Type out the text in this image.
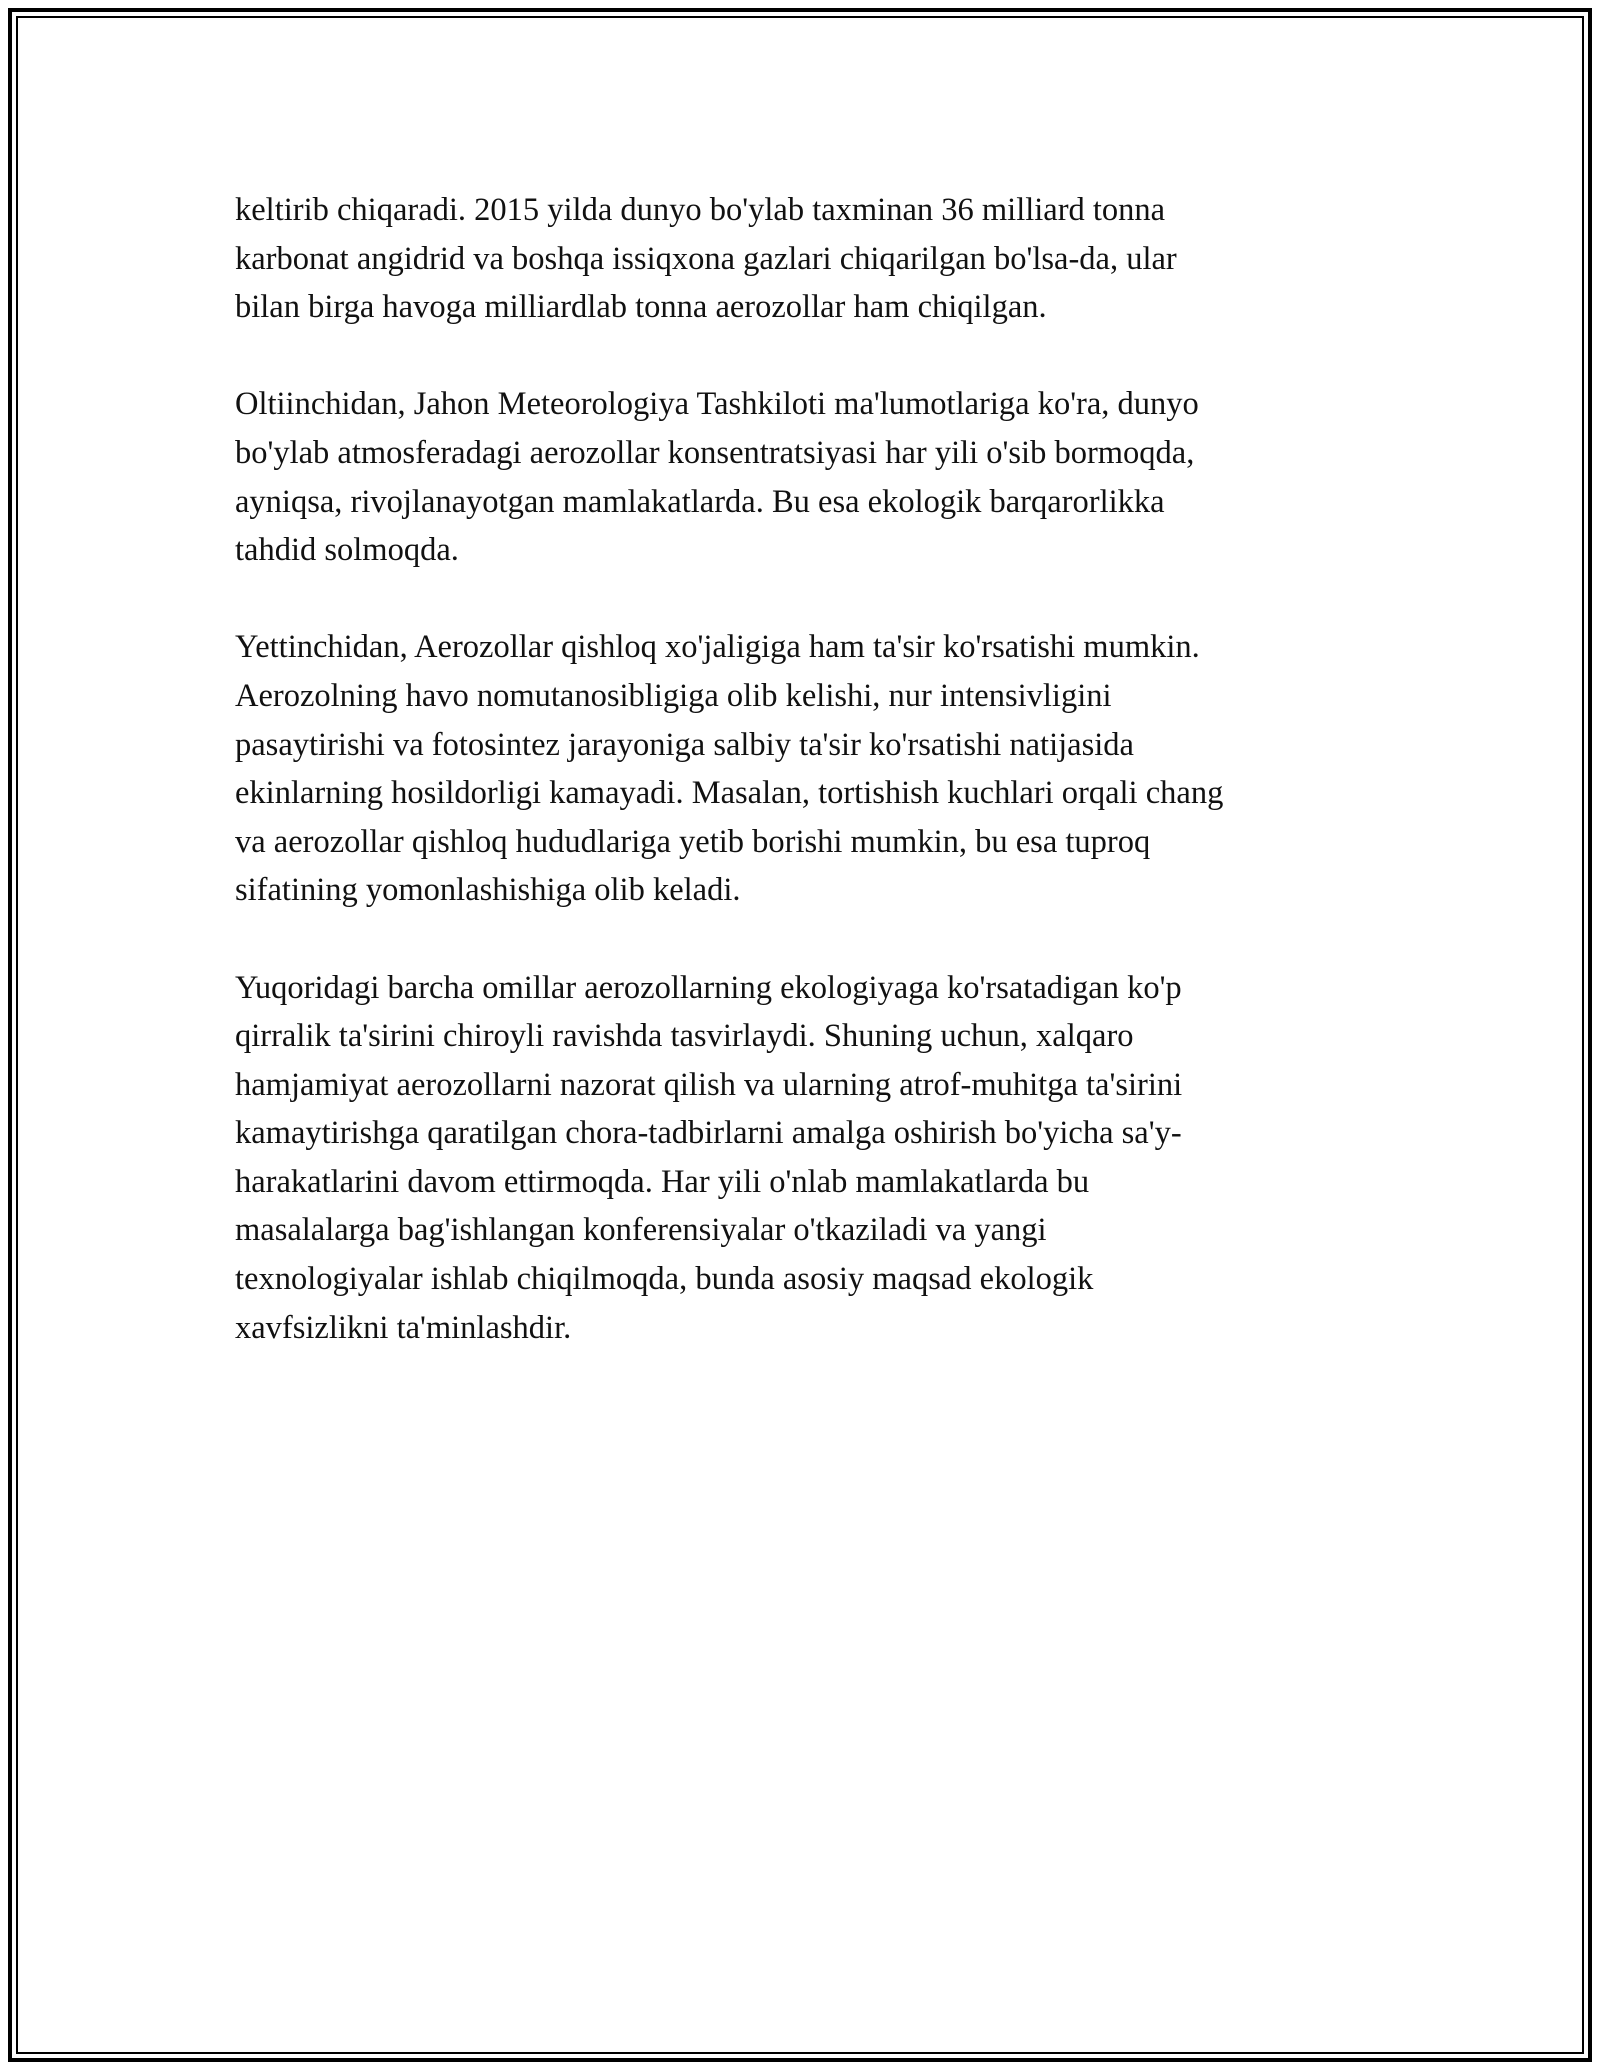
keltirib chiqaradi. 2015 yilda dunyo bo'ylab taxminan 36 milliard tonna
karbonat angidrid va boshqa issiqxona gazlari chiqarilgan bo'lsa-da, ular
bilan birga havoga milliardlab tonna aerozollar ham chiqilgan.

Oltiinchidan, Jahon Meteorologiya Tashkiloti ma'lumotlariga ko'ra, dunyo
bo'ylab atmosferadagi aerozollar konsentratsiyasi har yili o'sib bormoqda,
ayniqsa, rivojlanayotgan mamlakatlarda. Bu esa ekologik barqarorlikka
tahdid solmoqda.

Yettinchidan, Aerozollar qishloq xo'jaligiga ham ta'sir ko'rsatishi mumkin.
Aerozolning havo nomutanosibligiga olib kelishi, nur intensivligini
pasaytirishi va fotosintez jarayoniga salbiy ta'sir ko'rsatishi natijasida
ekinlarning hosildorligi kamayadi. Masalan, tortishish kuchlari orqali chang
va aerozollar qishloq hududlariga yetib borishi mumkin, bu esa tuproq
sifatining yomonlashishiga olib keladi.

Yuqoridagi barcha omillar aerozollarning ekologiyaga ko'rsatadigan ko'p
qirralik ta'sirini chiroyli ravishda tasvirlaydi. Shuning uchun, xalqaro
hamjamiyat aerozollarni nazorat qilish va ularning atrof-muhitga ta'sirini
kamaytirishga qaratilgan chora-tadbirlarni amalga oshirish bo'yicha sa'y-
harakatlarini davom ettirmoqda. Har yili o'nlab mamlakatlarda bu
masalalarga bag'ishlangan konferensiyalar o'tkaziladi va yangi
texnologiyalar ishlab chiqilmoqda, bunda asosiy maqsad ekologik
xavfsizlikni ta'minlashdir.
